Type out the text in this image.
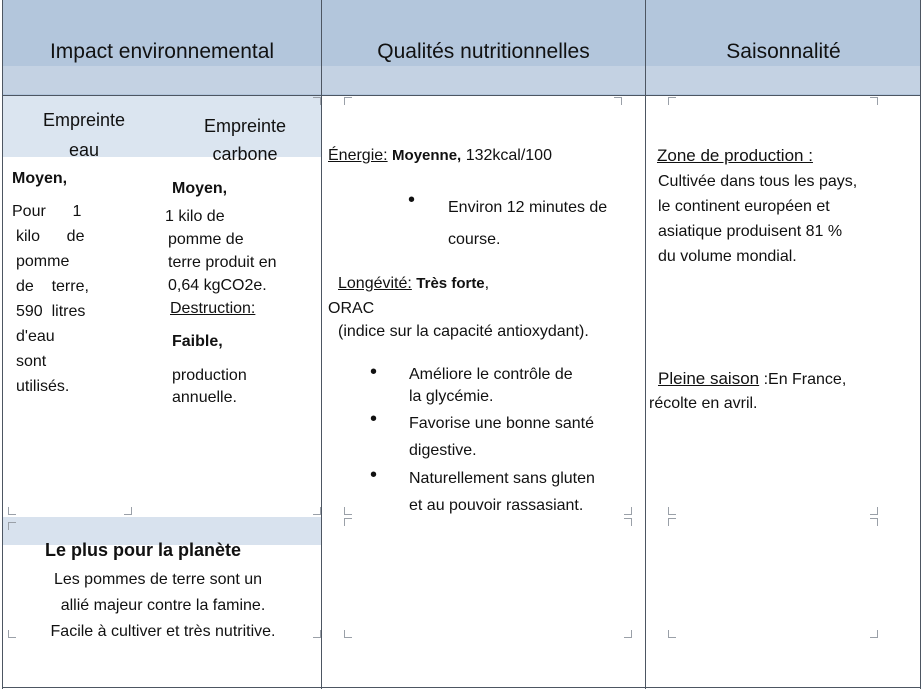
Impact environnemental	Qualités nutritionnelles	Saisonnalité
Empreinte
eau
Moyen,
Pour      1
kilo      de
pomme
de    terre,
590  litres
d'eau
sont
utilisés.
Empreinte
carbone
Moyen,
1 kilo de
pomme de
terre produit en
0,64 kgCO2e.
Destruction:
Faible,
production
annuelle.
Le plus pour la planète
Les pommes de terre sont un
allié majeur contre la famine.
Facile à cultiver et très nutritive.
Énergie: Moyenne, 132kcal/100
• Environ 12 minutes de
course.
Longévité: Très forte,
ORAC
(indice sur la capacité antioxydant).
• Améliore le contrôle de
la glycémie.
• Favorise une bonne santé
digestive.
• Naturellement sans gluten
et au pouvoir rassasiant.
Zone de production :
Cultivée dans tous les pays,
le continent européen et
asiatique produisent 81 %
du volume mondial.
Pleine saison :En France,
récolte en avril.
